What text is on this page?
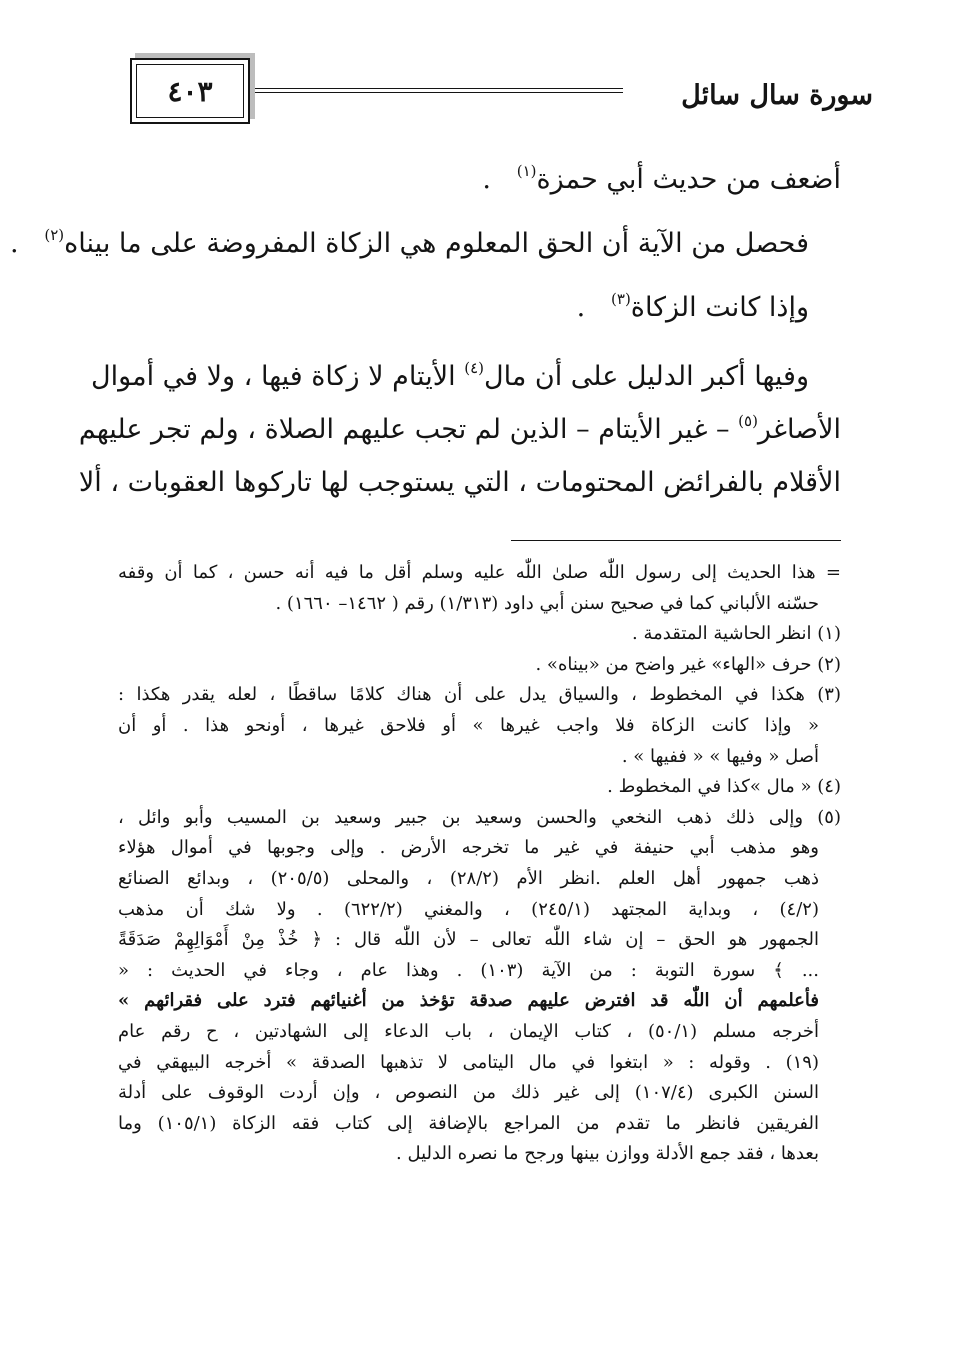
سورة سال سائل
٤٠٣
أضعف من حديث أبي حمزة$^{(١)}$   .
فحصل من الآية أن الحق المعلوم هي الزكاة المفروضة على ما بيناه$^{(٢)}$   .
وإذا كانت الزكاة$^{(٣)}$   .
وفيها أكبر الدليل على أن مال$^{(٤)}$ الأيتام لا زكاة فيها ، ولا في أموال
الأصاغر$^{(٥)}$ – غير الأيتام – الذين لم تجب عليهم الصلاة ، ولم تجر عليهم
الأقلام بالفرائض المحتومات ، التي يستوجب لها تاركوها العقوبات ، ألا
= هذا الحديث إلى رسول اللّٰه صلىٰ اللّٰه عليه وسلم أقل ما فيه أنه حسن ، كما أن وقفه
حسّنه الألباني كما في صحيح سنن أبي داود (١/٣١٣) رقم ( ١٤٦٢– ١٦٦٠) .
(١) انظر الحاشية المتقدمة .
(٢) حرف «الهاء» غير واضح من «بيناه» .
(٣) هكذا في المخطوط ، والسياق يدل على أن هناك كلامًا ساقطًا ، لعله يقدر هكذا :
« وإذا كانت الزكاة فلا واجب غيرها » أو فلاحق غيرها ، أونحو هذا . أو أن
أصل « وفيها » « ففيها » .
(٤) « مال »كذا في المخطوط .
(٥) وإلى ذلك ذهب النخعي والحسن وسعيد بن جبير وسعيد بن المسيب وأبو وائل ،
وهو مذهب أبي حنيفة في غير ما تخرجه الأرض . وإلى وجوبها في أموال هؤلاء
ذهب جمهور أهل العلم .انظر الأم (٢٨/٢) ، والمحلى (٢٠٥/٥) ، وبدائع الصنائع
(٤/٢) ، وبداية المجتهد (٢٤٥/١) ، والمغني (٦٢٢/٢) . ولا شك أن مذهب
الجمهور هو الحق – إن شاء اللّٰه تعالى – لأن اللّٰه قال : ﴿ خُذْ مِنْ أَمْوَالِهِمْ صَدَقَةً
... ﴾ سورة التوبة : من الآية (١٠٣) . وهذا عام ، وجاء في الحديث : «
فأعلمهم أن اللّٰه قد افترض عليهم صدقة تؤخذ من أغنيائهم فترد على فقرائهم »
أخرجه مسلم (٥٠/١) ، كتاب الإيمان ، باب الدعاء إلى الشهادتين ، ح رقم عام
(١٩) . وقوله : « ابتغوا في مال اليتامى لا تذهبها الصدقة » أخرجه البيهقي في
السنن الكبرى (١٠٧/٤) إلى غير ذلك من النصوص ، وإن أردت الوقوف على أدلة
الفريقين فانظر ما تقدم من المراجع بالإضافة إلى كتاب فقه الزكاة (١٠٥/١) وما
بعدها ، فقد جمع الأدلة ووازن بينها ورجح ما نصره الدليل .
